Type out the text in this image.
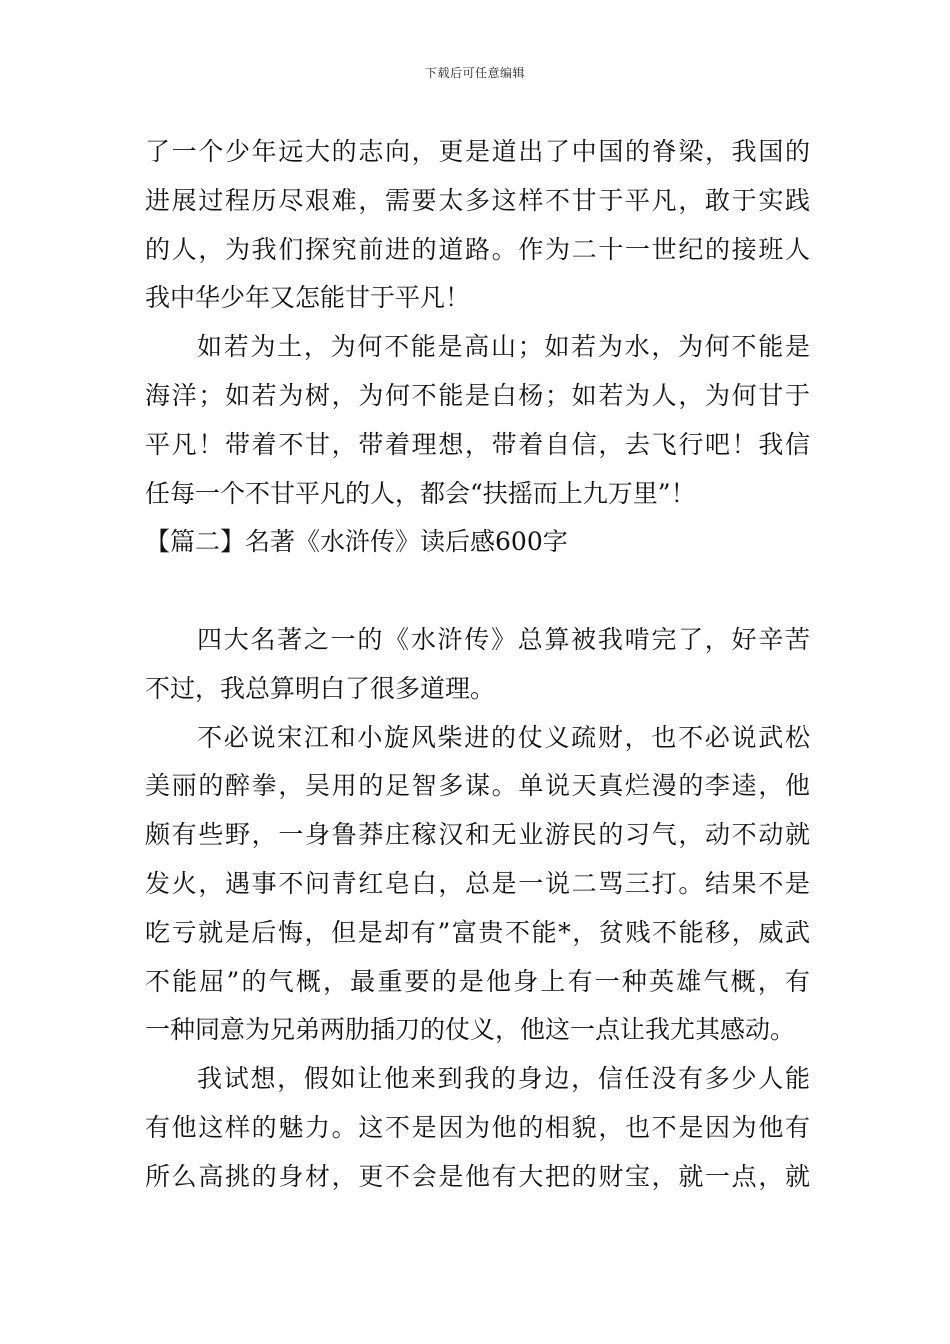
下载后可任意编辑
了一个少年远大的志向，更是道出了中国的脊梁，我国的
进展过程历尽艰难，需要太多这样不甘于平凡，敢于实践
的人，为我们探究前进的道路。作为二十一世纪的接班人
我中华少年又怎能甘于平凡！
如若为土，为何不能是高山；如若为水，为何不能是
海洋；如若为树，为何不能是白杨；如若为人，为何甘于
平凡！带着不甘，带着理想，带着自信，去飞行吧！我信
任每一个不甘平凡的人，都会“扶摇而上九万里”！
【篇二】名著《水浒传》读后感600字
四大名著之一的《水浒传》总算被我啃完了，好辛苦
不过，我总算明白了很多道理。
不必说宋江和小旋风柴进的仗义疏财，也不必说武松
美丽的醉拳，吴用的足智多谋。单说天真烂漫的李逵，他
颇有些野，一身鲁莽庄稼汉和无业游民的习气，动不动就
发火，遇事不问青红皂白，总是一说二骂三打。结果不是
吃亏就是后悔，但是却有”富贵不能*，贫贱不能移，威武
不能屈”的气概，最重要的是他身上有一种英雄气概，有
一种同意为兄弟两肋插刀的仗义，他这一点让我尤其感动。
我试想，假如让他来到我的身边，信任没有多少人能
有他这样的魅力。这不是因为他的相貌，也不是因为他有
所么高挑的身材，更不会是他有大把的财宝，就一点，就
